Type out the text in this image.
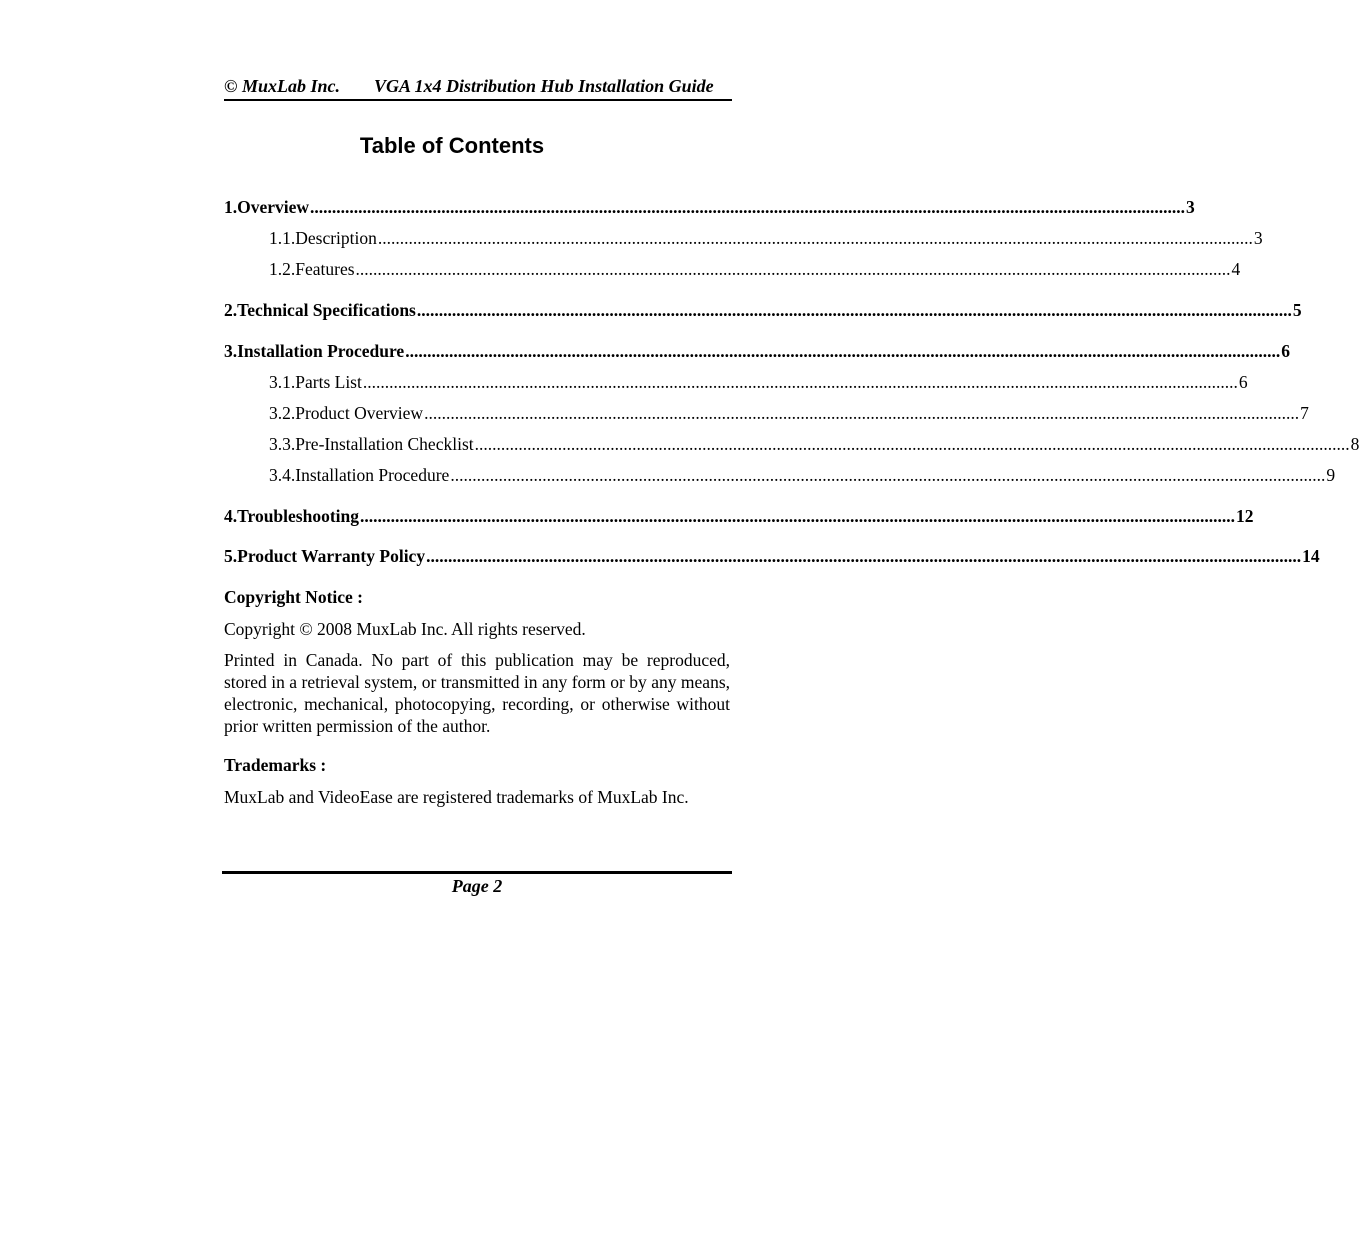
© MuxLab Inc. VGA 1x4 Distribution Hub Installation Guide
Table of Contents
1. Overview ........................................................................................................................................................................................................ 3
1.1. Description ........................................................................................................................................................................................................ 3
1.2. Features ........................................................................................................................................................................................................ 4
2. Technical Specifications ........................................................................................................................................................................................................ 5
3. Installation Procedure ........................................................................................................................................................................................................ 6
3.1. Parts List ........................................................................................................................................................................................................ 6
3.2. Product Overview ........................................................................................................................................................................................................ 7
3.3. Pre-Installation Checklist ........................................................................................................................................................................................................ 8
3.4. Installation Procedure ........................................................................................................................................................................................................ 9
4. Troubleshooting ........................................................................................................................................................................................................ 12
5. Product Warranty Policy ........................................................................................................................................................................................................ 14
Copyright Notice :
Copyright © 2008 MuxLab Inc. All rights reserved.
Printed in Canada. No part of this publication may be reproduced, stored in a retrieval system, or transmitted in any form or by any means, electronic, mechanical, photocopying, recording, or otherwise without prior written permission of the author.
Trademarks :
MuxLab and VideoEase are registered trademarks of MuxLab Inc.
Page 2
